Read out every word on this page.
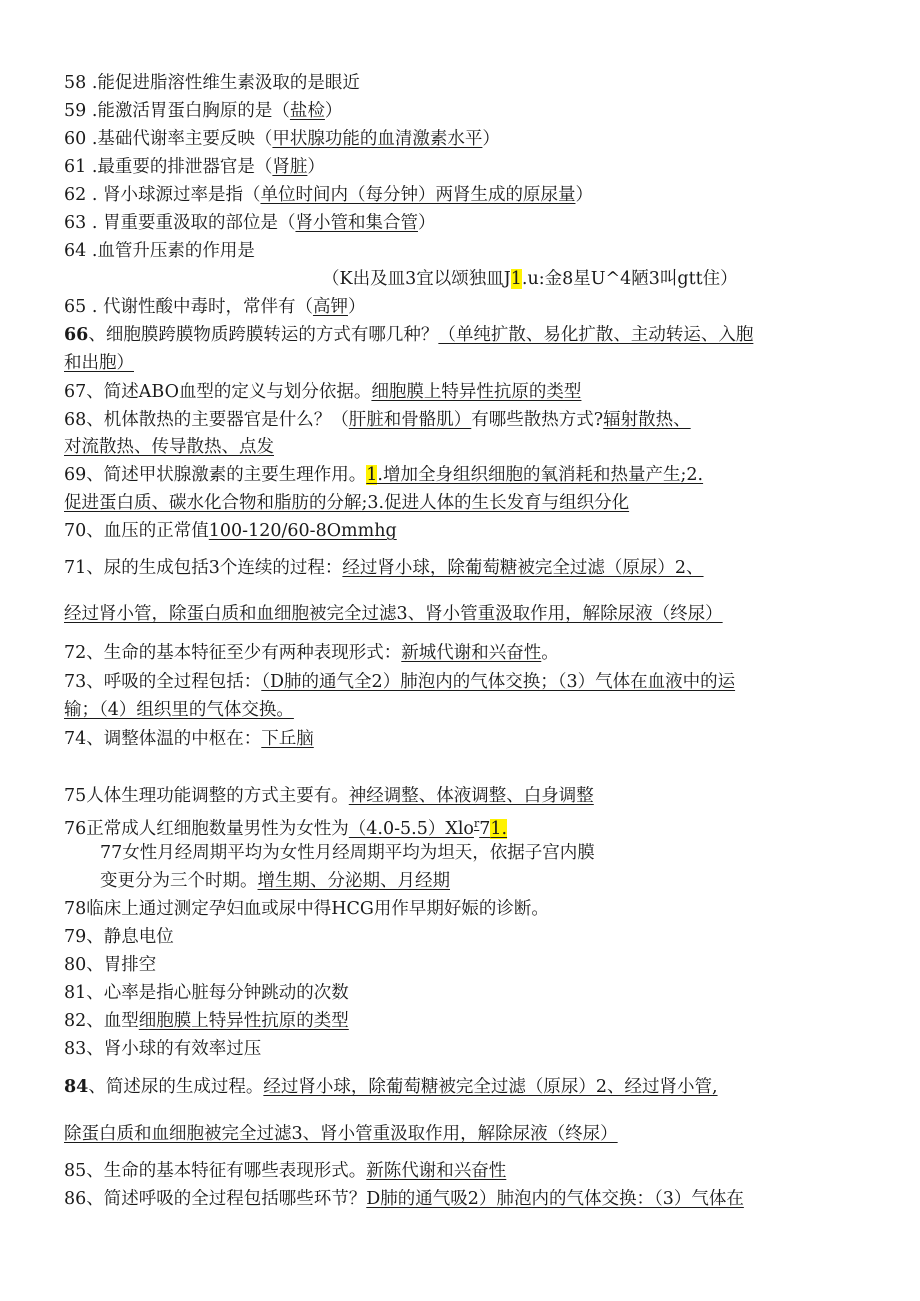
58 .能促进脂溶性维生素汲取的是眼近
59 .能激活胃蛋白胸原的是（盐检）
60 .基础代谢率主要反映（甲状腺功能的血清激素水平）
61 .最重要的排泄器官是（肾脏）
62 . 肾小球源过率是指（单位时间内（每分钟）两肾生成的原尿量）
63 . 胃重要重汲取的部位是（肾小管和集合管）
64 .血管升压素的作用是
（K出及皿3宜以颂独皿J1.u:金8星U^4陋3叫gtt住）
65 . 代谢性酸中毒时，常伴有（高钾）
66、细胞膜跨膜物质跨膜转运的方式有哪几种？（单纯扩散、易化扩散、主动转运、入胞
和出胞）
67、简述ABO血型的定义与划分依据。细胞膜上特异性抗原的类型
68、机体散热的主要器官是什么？（肝脏和骨骼肌）有哪些散热方式?辐射散热、
对流散热、传导散热、点发
69、简述甲状腺激素的主要生理作用。1.增加全身组织细胞的氧消耗和热量产生;2.
促进蛋白质、碳水化合物和脂肪的分解;3.促进人体的生长发育与组织分化
70、血压的正常值100-120/60-8Ommhg
71、尿的生成包括3个连续的过程：经过肾小球，除葡萄糖被完全过滤（原尿）2、
经过肾小管，除蛋白质和血细胞被完全过滤3、肾小管重汲取作用，解除尿液（终尿）
72、生命的基本特征至少有两种表现形式：新城代谢和兴奋性。
73、呼吸的全过程包括：（D肺的通气全2）肺泡内的气体交换；（3）气体在血液中的运
输；（4）组织里的气体交换。
74、调整体温的中枢在：下丘脑
75人体生理功能调整的方式主要有。神经调整、体液调整、白身调整
76正常成人红细胞数量男性为女性为（4.0-5.5）Xlo$^r$71.
77女性月经周期平均为女性月经周期平均为坦天，依据子宫内膜
变更分为三个时期。增生期、分泌期、月经期
78临床上通过测定孕妇血或尿中得HCG用作早期好娠的诊断。
79、静息电位
80、胃排空
81、心率是指心脏每分钟跳动的次数
82、血型细胞膜上特异性抗原的类型
83、肾小球的有效率过压
84、简述尿的生成过程。经过肾小球，除葡萄糖被完全过滤（原尿）2、经过肾小管,
除蛋白质和血细胞被完全过滤3、肾小管重汲取作用，解除尿液（终尿）
85、生命的基本特征有哪些表现形式。新陈代谢和兴奋性
86、简述呼吸的全过程包括哪些环节？D肺的通气吸2）肺泡内的气体交换：（3）气体在
